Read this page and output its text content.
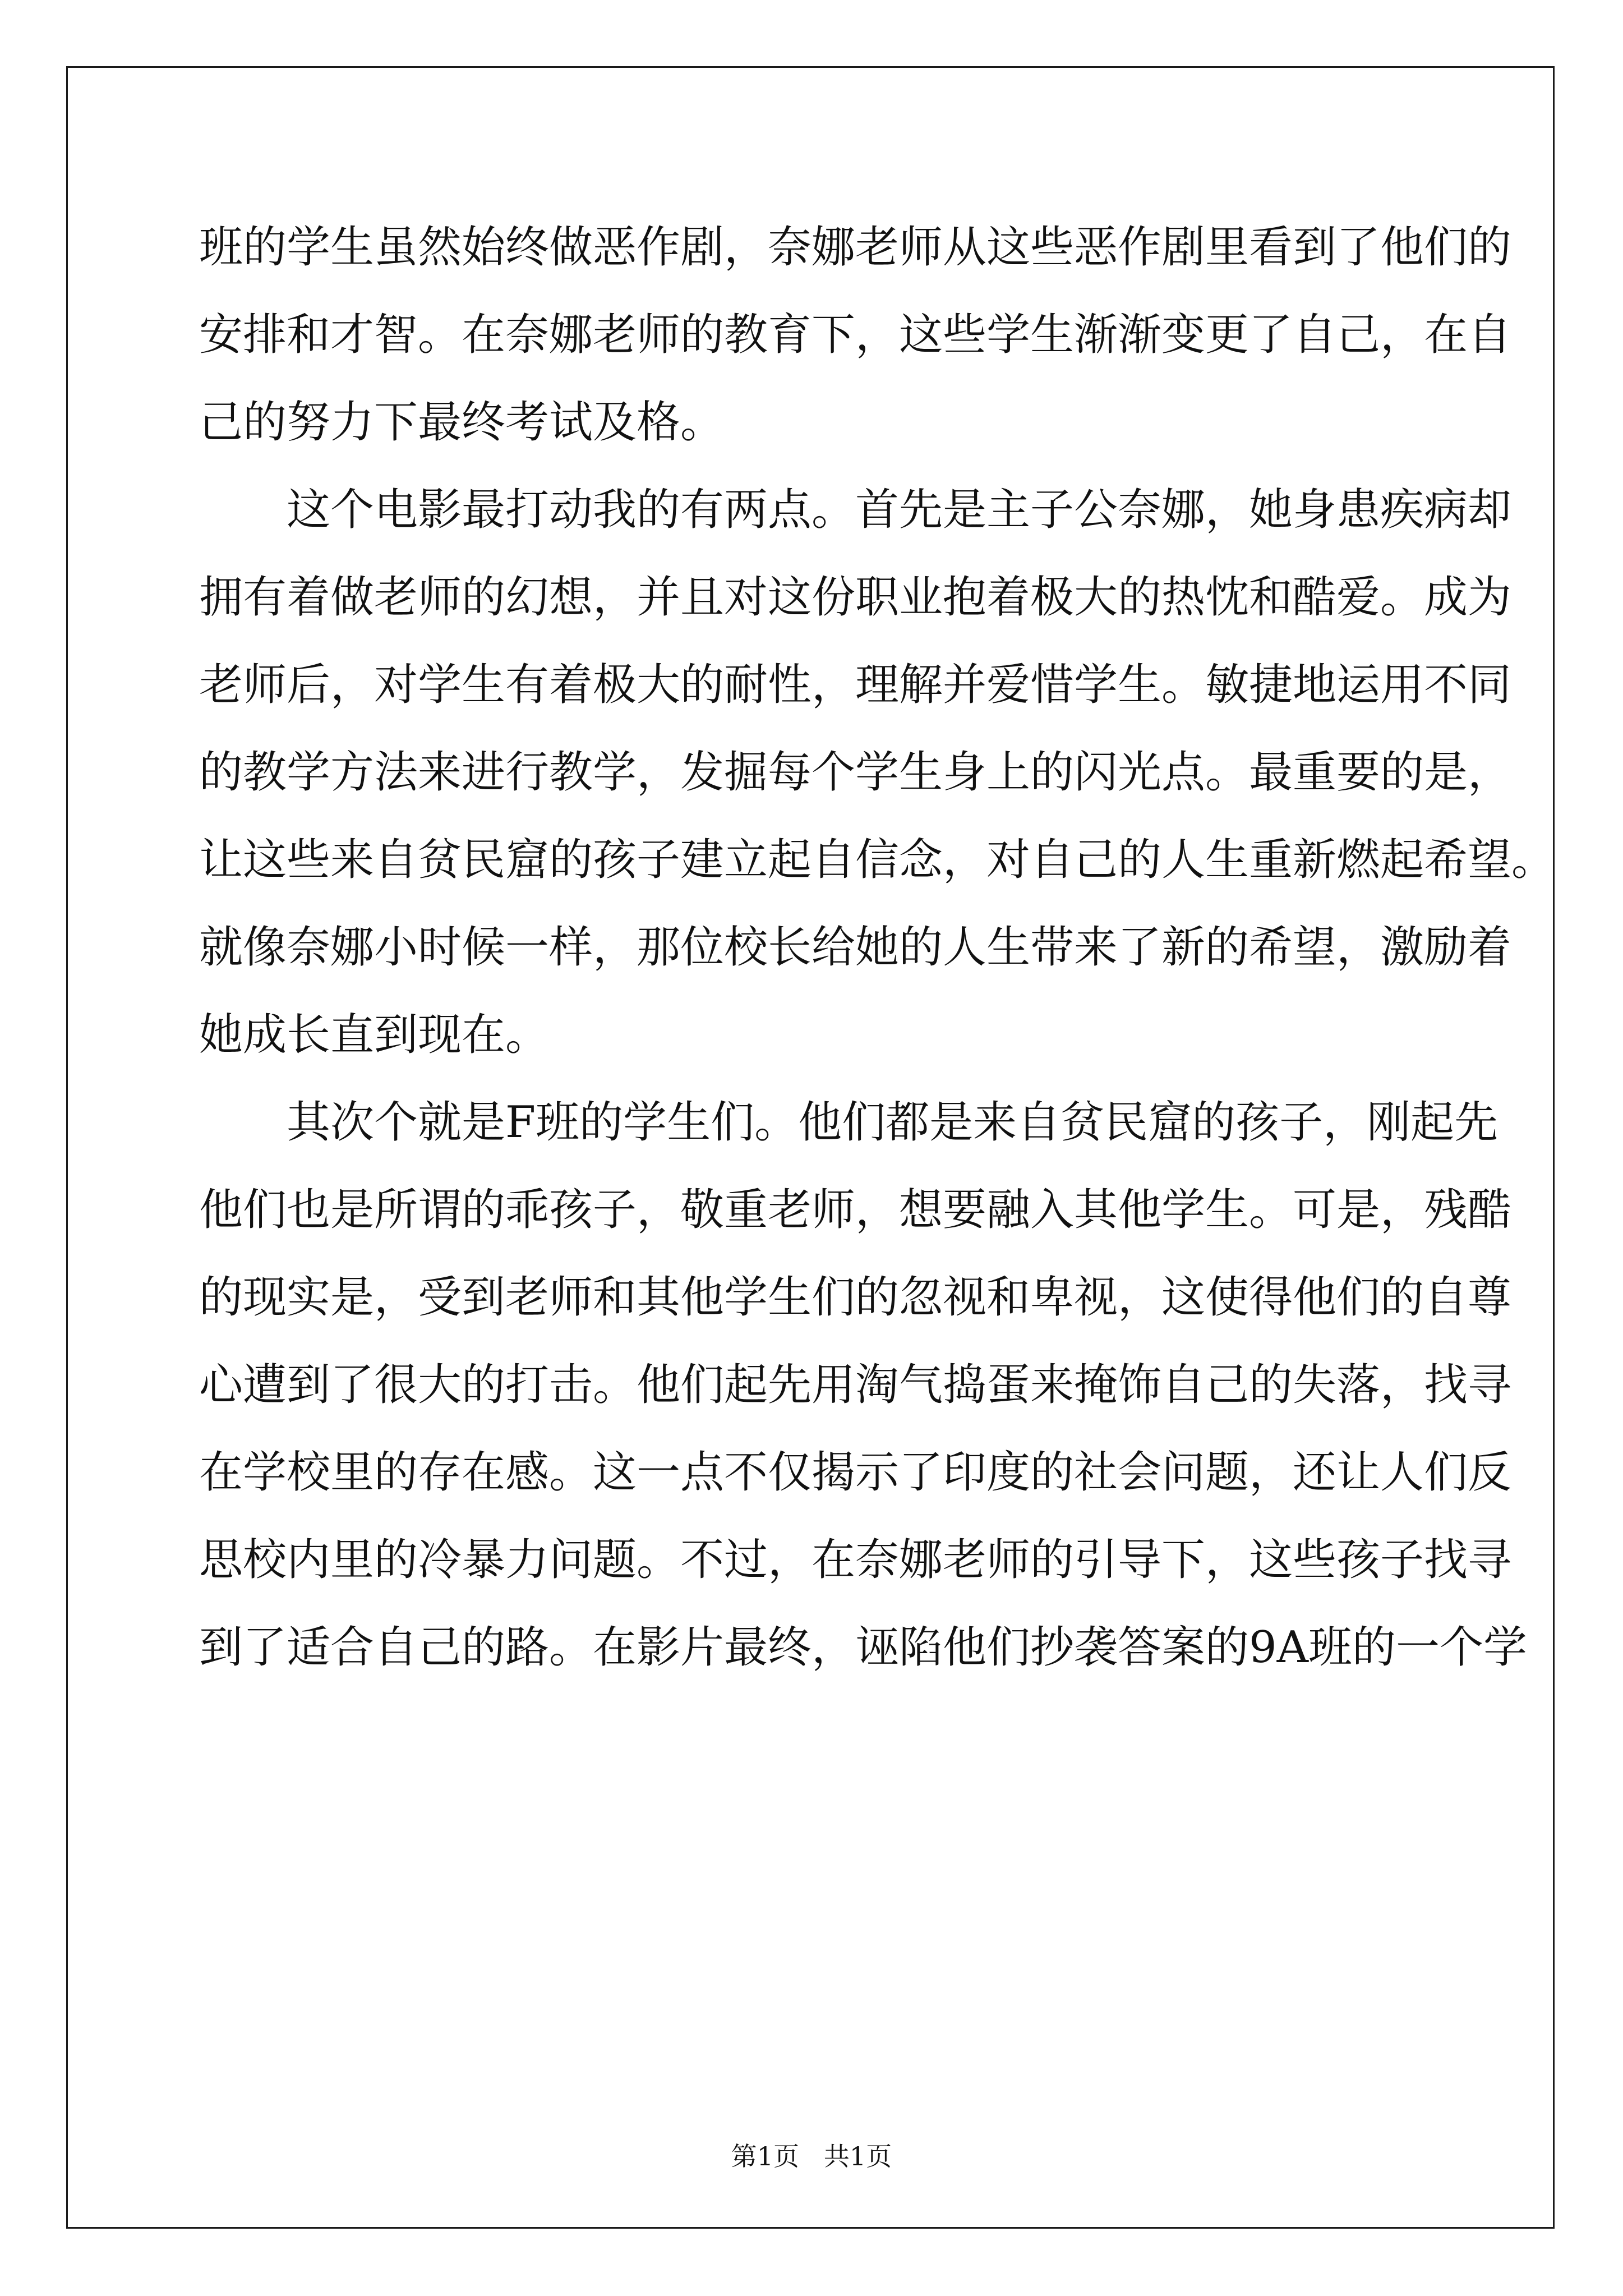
班的学生虽然始终做恶作剧，奈娜老师从这些恶作剧里看到了他们的
安排和才智。在奈娜老师的教育下，这些学生渐渐变更了自己，在自
己的努力下最终考试及格。
这个电影最打动我的有两点。首先是主子公奈娜，她身患疾病却
拥有着做老师的幻想，并且对这份职业抱着极大的热忱和酷爱。成为
老师后，对学生有着极大的耐性，理解并爱惜学生。敏捷地运用不同
的教学方法来进行教学，发掘每个学生身上的闪光点。最重要的是，
让这些来自贫民窟的孩子建立起自信念，对自己的人生重新燃起希望。
就像奈娜小时候一样，那位校长给她的人生带来了新的希望，激励着
她成长直到现在。
其次个就是F班的学生们。他们都是来自贫民窟的孩子，刚起先
他们也是所谓的乖孩子，敬重老师，想要融入其他学生。可是，残酷
的现实是，受到老师和其他学生们的忽视和卑视，这使得他们的自尊
心遭到了很大的打击。他们起先用淘气捣蛋来掩饰自己的失落，找寻
在学校里的存在感。这一点不仅揭示了印度的社会问题，还让人们反
思校内里的冷暴力问题。不过，在奈娜老师的引导下，这些孩子找寻
到了适合自己的路。在影片最终，诬陷他们抄袭答案的9A班的一个学
第1页   共1页
